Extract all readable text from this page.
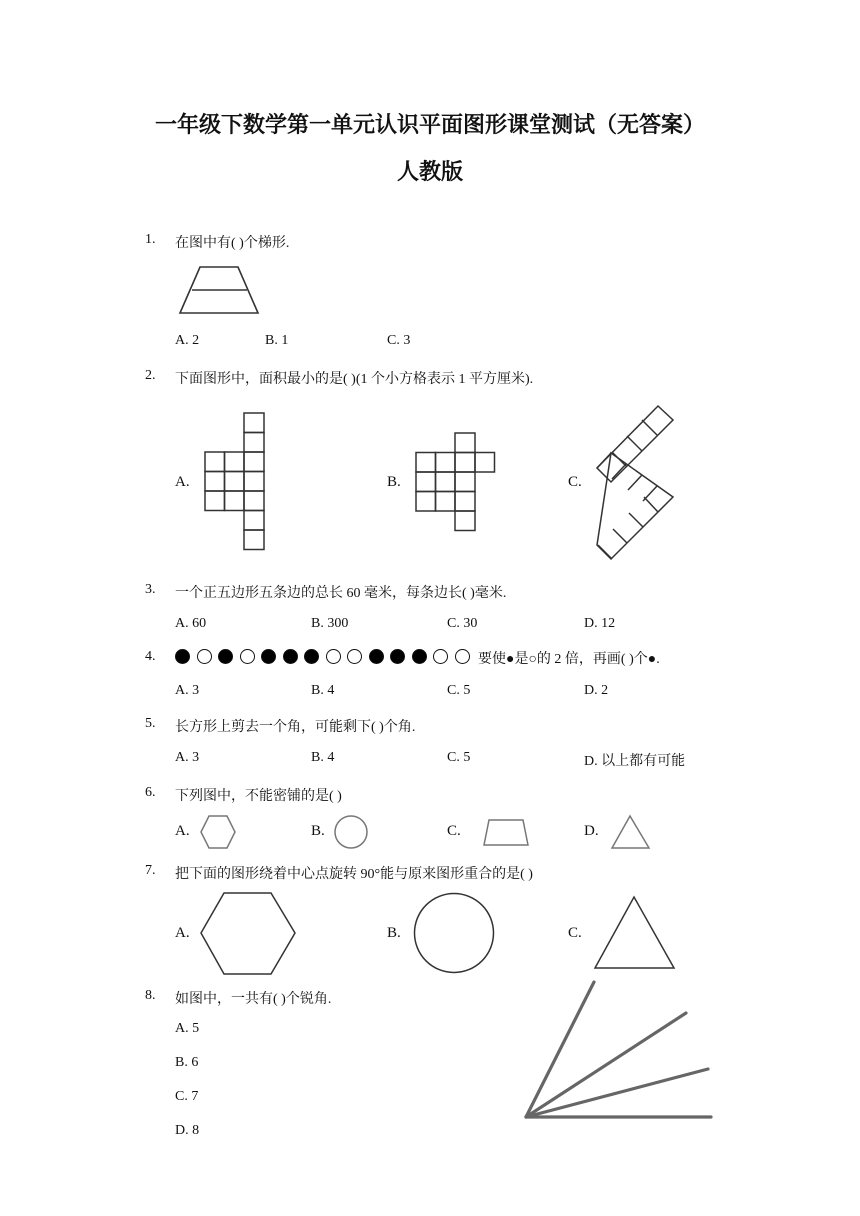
一年级下数学第一单元认识平面图形课堂测试（无答案）
人教版
1. 在图中有( )个梯形.
A. 2	B. 1	C. 3
2. 下面图形中，面积最小的是( )(1 个小方格表示 1 平方厘米).
A.	B.	C.
3. 一个正五边形五条边的总长 60 毫米，每条边长( )毫米.
A. 60	B. 300	C. 30	D. 12
4.	要使●是○的 2 倍，再画( )个●.
A. 3	B. 4	C. 5	D. 2
5. 长方形上剪去一个角，可能剩下( )个角.
A. 3	B. 4	C. 5	D. 以上都有可能
6. 下列图中，不能密铺的是( )
A.	B.	C.	D.
7. 把下面的图形绕着中心点旋转 90°能与原来图形重合的是( )
A.	B.	C.
8. 如图中，一共有( )个锐角.
A. 5
B. 6
C. 7
D. 8
